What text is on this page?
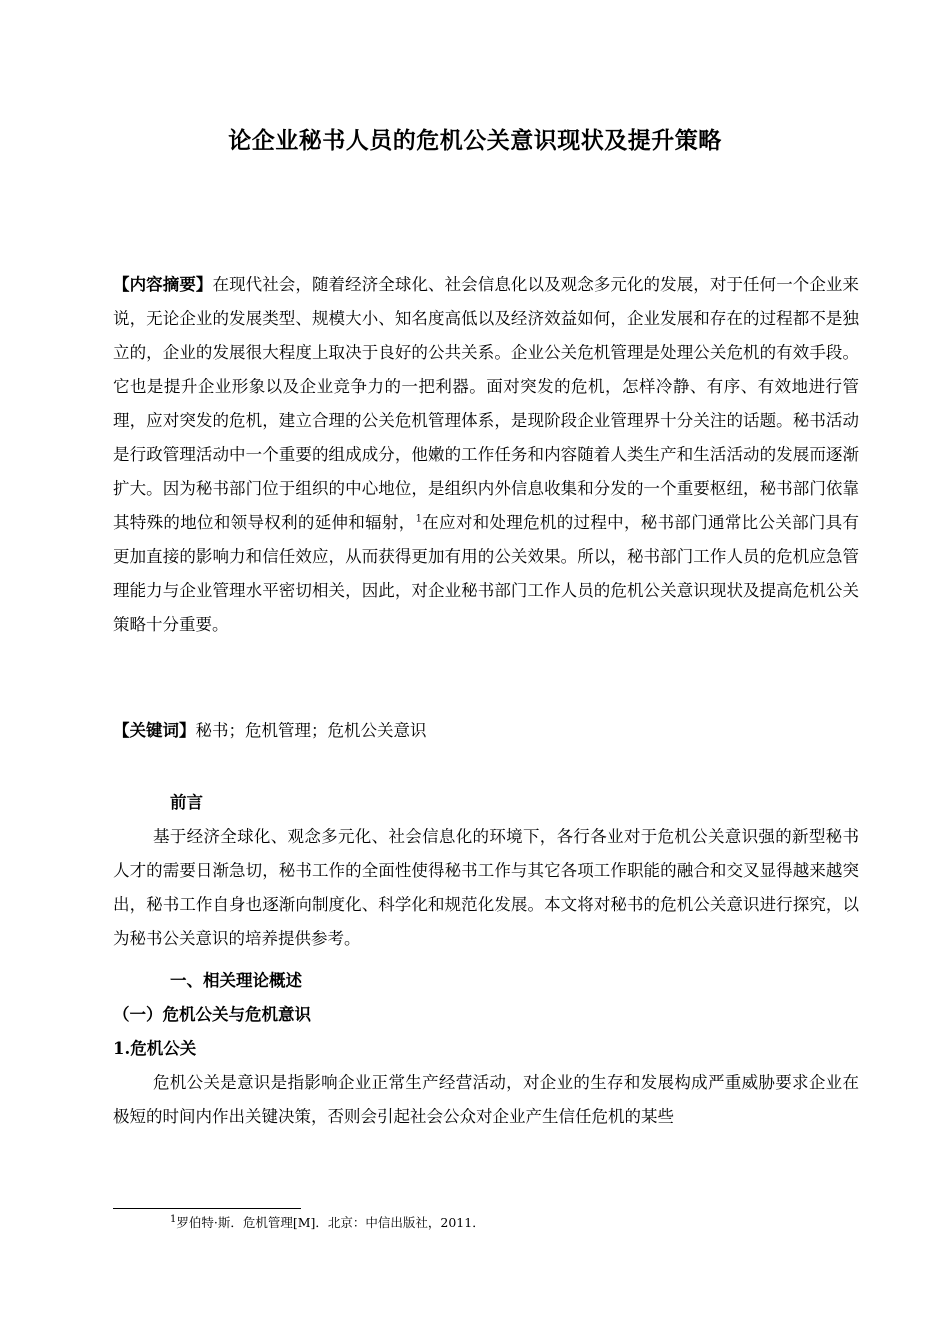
论企业秘书人员的危机公关意识现状及提升策略
【内容摘要】在现代社会，随着经济全球化、社会信息化以及观念多元化的发展，对于任何一个企业来说，无论企业的发展类型、规模大小、知名度高低以及经济效益如何，企业发展和存在的过程都不是独立的，企业的发展很大程度上取决于良好的公共关系。企业公关危机管理是处理公关危机的有效手段。它也是提升企业形象以及企业竞争力的一把利器。面对突发的危机，怎样冷静、有序、有效地进行管理，应对突发的危机，建立合理的公关危机管理体系，是现阶段企业管理界十分关注的话题。秘书活动是行政管理活动中一个重要的组成成分，他嫩的工作任务和内容随着人类生产和生活活动的发展而逐渐扩大。因为秘书部门位于组织的中心地位，是组织内外信息收集和分发的一个重要枢纽，秘书部门依靠其特殊的地位和领导权利的延伸和辐射，$^1$在应对和处理危机的过程中，秘书部门通常比公关部门具有更加直接的影响力和信任效应，从而获得更加有用的公关效果。所以，秘书部门工作人员的危机应急管理能力与企业管理水平密切相关，因此，对企业秘书部门工作人员的危机公关意识现状及提高危机公关策略十分重要。
【关键词】秘书；危机管理；危机公关意识
前言
基于经济全球化、观念多元化、社会信息化的环境下，各行各业对于危机公关意识强的新型秘书人才的需要日渐急切，秘书工作的全面性使得秘书工作与其它各项工作职能的融合和交叉显得越来越突出，秘书工作自身也逐渐向制度化、科学化和规范化发展。本文将对秘书的危机公关意识进行探究，以为秘书公关意识的培养提供参考。
一、相关理论概述
（一）危机公关与危机意识
1.危机公关
危机公关是意识是指影响企业正常生产经营活动，对企业的生存和发展构成严重威胁要求企业在极短的时间内作出关键决策，否则会引起社会公众对企业产生信任危机的某些
$^1$罗伯特·斯．危机管理[M]．北京：中信出版社，2011．
